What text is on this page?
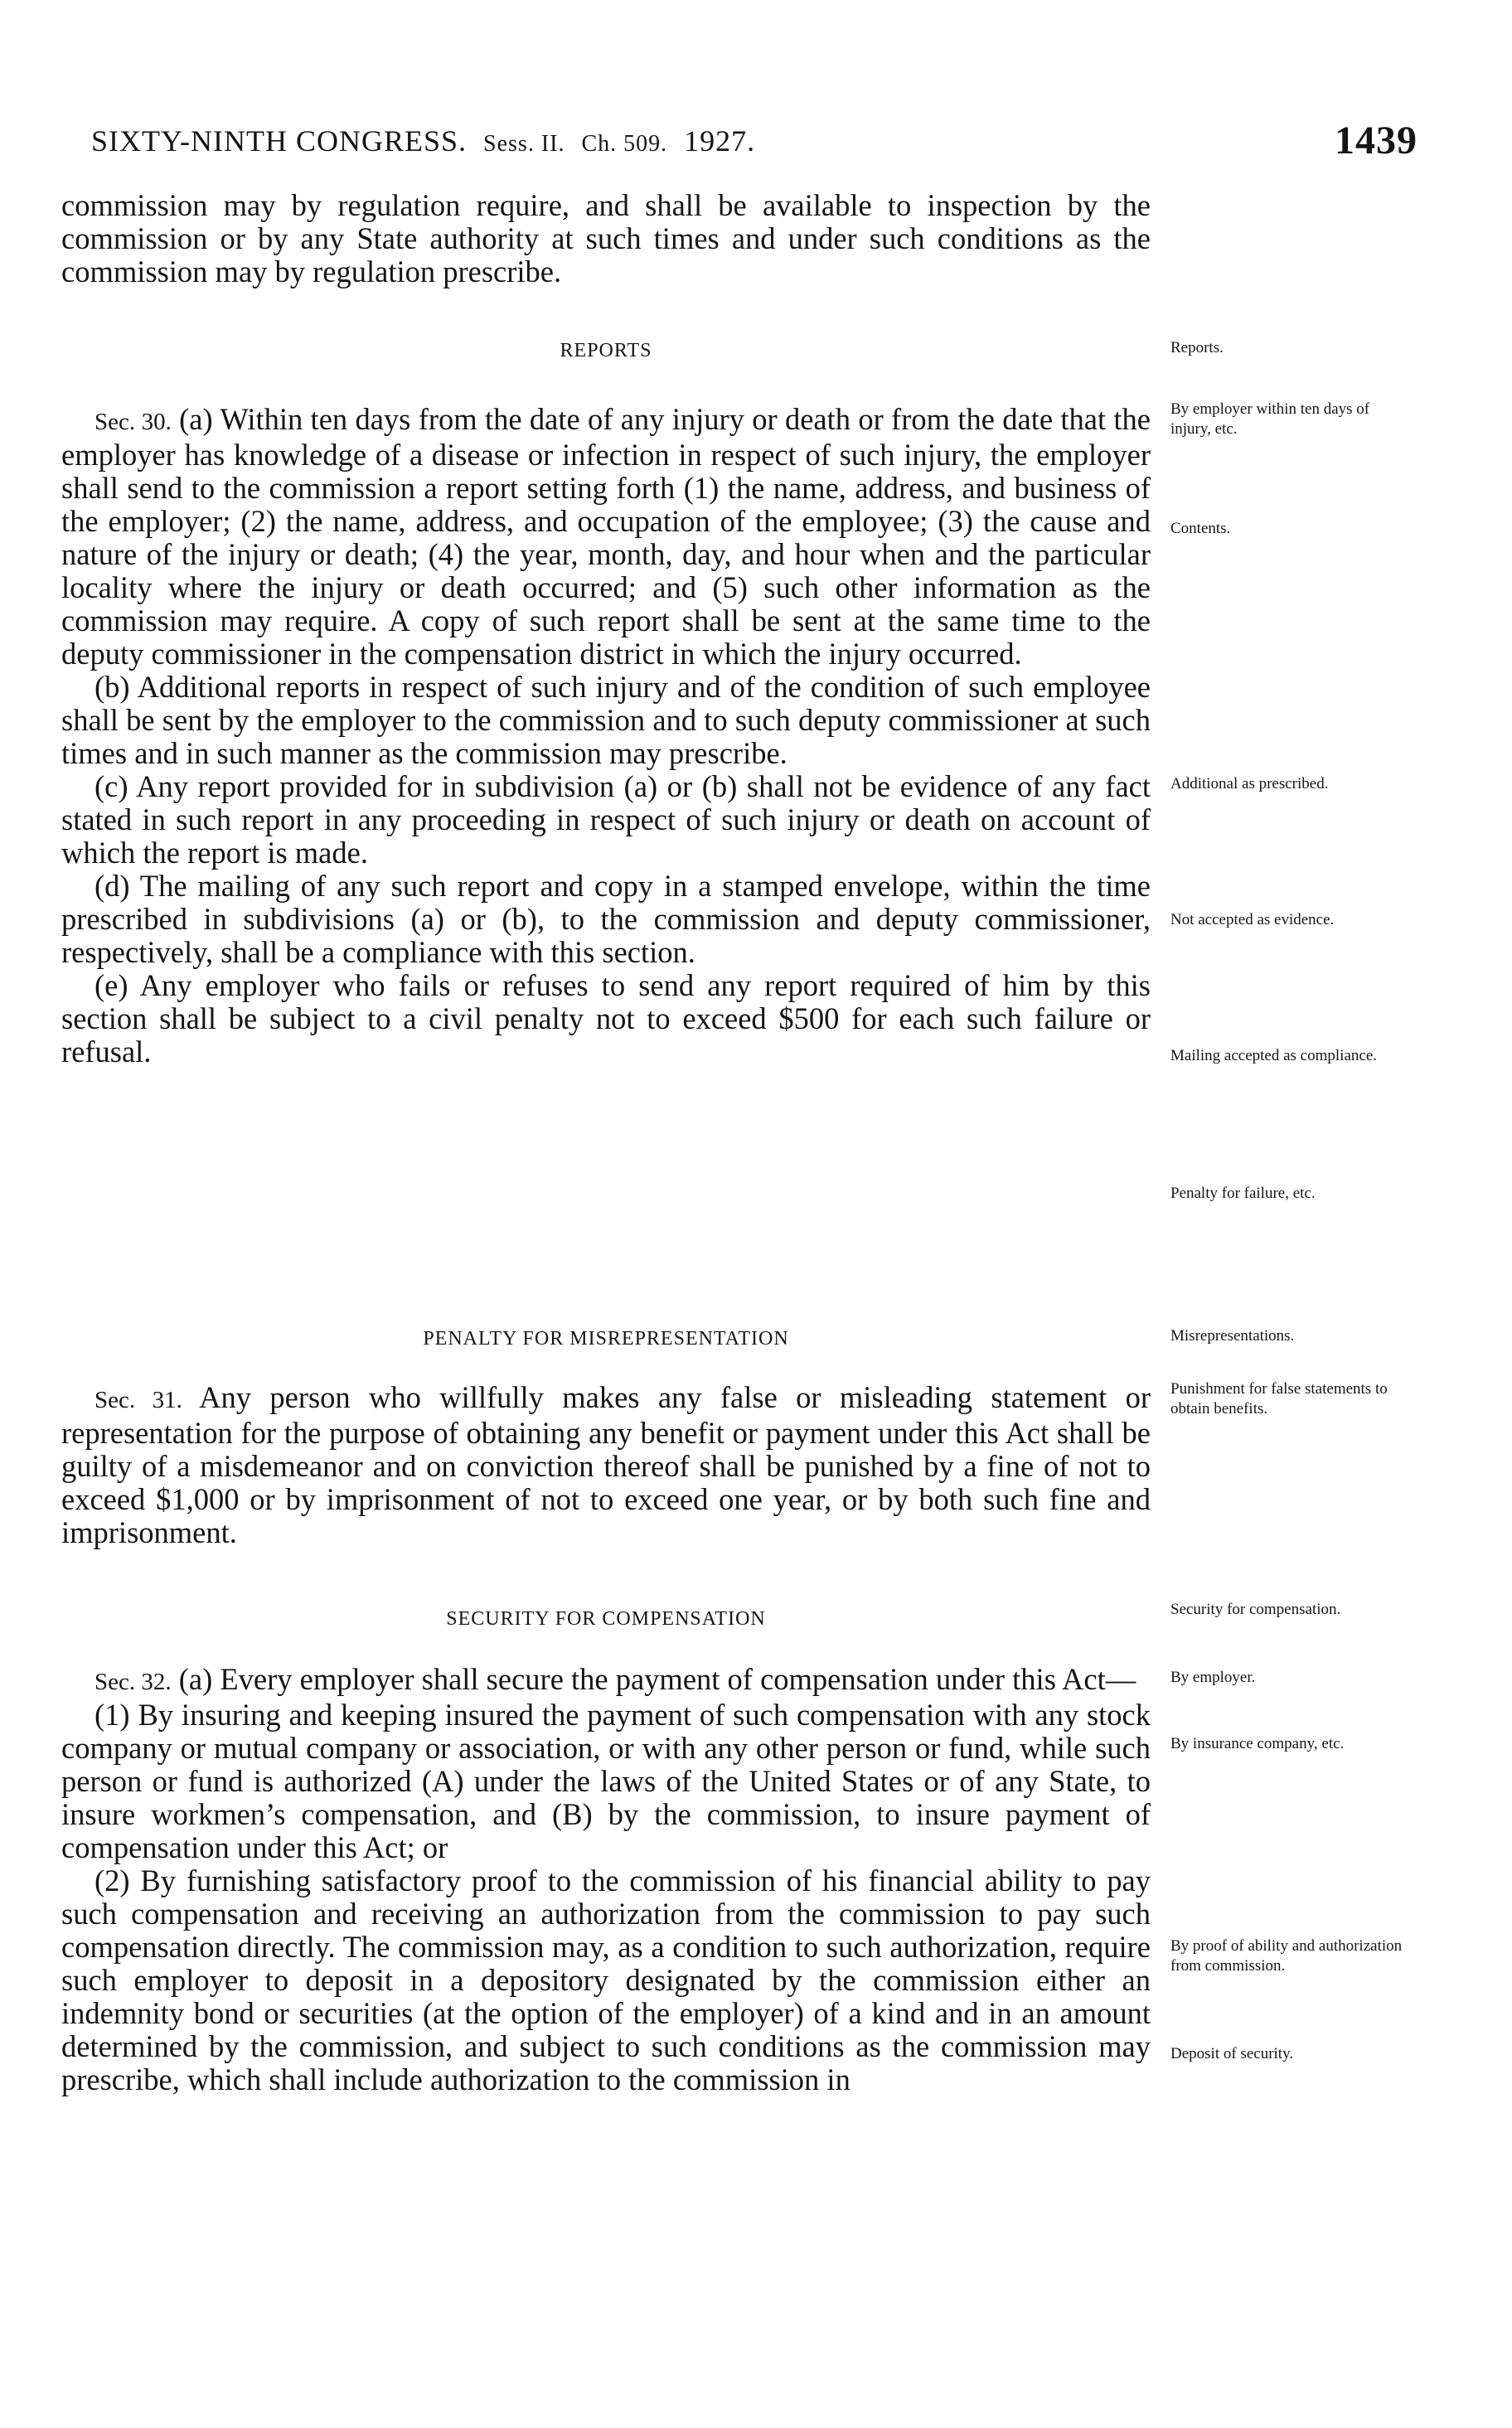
SIXTY-NINTH CONGRESS. Sess. II. Ch. 509. 1927.	1439

commission may by regulation require, and shall be available to inspection by the commission or by any State authority at such times and under such conditions as the commission may by regulation prescribe.

REPORTS

Sec. 30. (a) Within ten days from the date of any injury or death or from the date that the employer has knowledge of a disease or infection in respect of such injury, the employer shall send to the commission a report setting forth (1) the name, address, and business of the employer; (2) the name, address, and occupation of the employee; (3) the cause and nature of the injury or death; (4) the year, month, day, and hour when and the particular locality where the injury or death occurred; and (5) such other information as the commission may require. A copy of such report shall be sent at the same time to the deputy commissioner in the compensation district in which the injury occurred.

(b) Additional reports in respect of such injury and of the condition of such employee shall be sent by the employer to the commission and to such deputy commissioner at such times and in such manner as the commission may prescribe.

(c) Any report provided for in subdivision (a) or (b) shall not be evidence of any fact stated in such report in any proceeding in respect of such injury or death on account of which the report is made.

(d) The mailing of any such report and copy in a stamped envelope, within the time prescribed in subdivisions (a) or (b), to the commission and deputy commissioner, respectively, shall be a compliance with this section.

(e) Any employer who fails or refuses to send any report required of him by this section shall be subject to a civil penalty not to exceed $500 for each such failure or refusal.

PENALTY FOR MISREPRESENTATION

Sec. 31. Any person who willfully makes any false or misleading statement or representation for the purpose of obtaining any benefit or payment under this Act shall be guilty of a misdemeanor and on conviction thereof shall be punished by a fine of not to exceed $1,000 or by imprisonment of not to exceed one year, or by both such fine and imprisonment.

SECURITY FOR COMPENSATION

Sec. 32. (a) Every employer shall secure the payment of compensation under this Act—

(1) By insuring and keeping insured the payment of such compensation with any stock company or mutual company or association, or with any other person or fund, while such person or fund is authorized (A) under the laws of the United States or of any State, to insure workmen’s compensation, and (B) by the commission, to insure payment of compensation under this Act; or

(2) By furnishing satisfactory proof to the commission of his financial ability to pay such compensation and receiving an authorization from the commission to pay such compensation directly. The commission may, as a condition to such authorization, require such employer to deposit in a depository designated by the commission either an indemnity bond or securities (at the option of the employer) of a kind and in an amount determined by the commission, and subject to such conditions as the commission may prescribe, which shall include authorization to the commission in

Reports.
By employer within ten days of injury, etc.
Contents.
Additional as prescribed.
Not accepted as evidence.
Mailing accepted as compliance.
Penalty for failure, etc.
Misrepresentations.
Punishment for false statements to obtain benefits.
Security for compensation.
By employer.
By insurance company, etc.
By proof of ability and authorization from commission.
Deposit of security.
